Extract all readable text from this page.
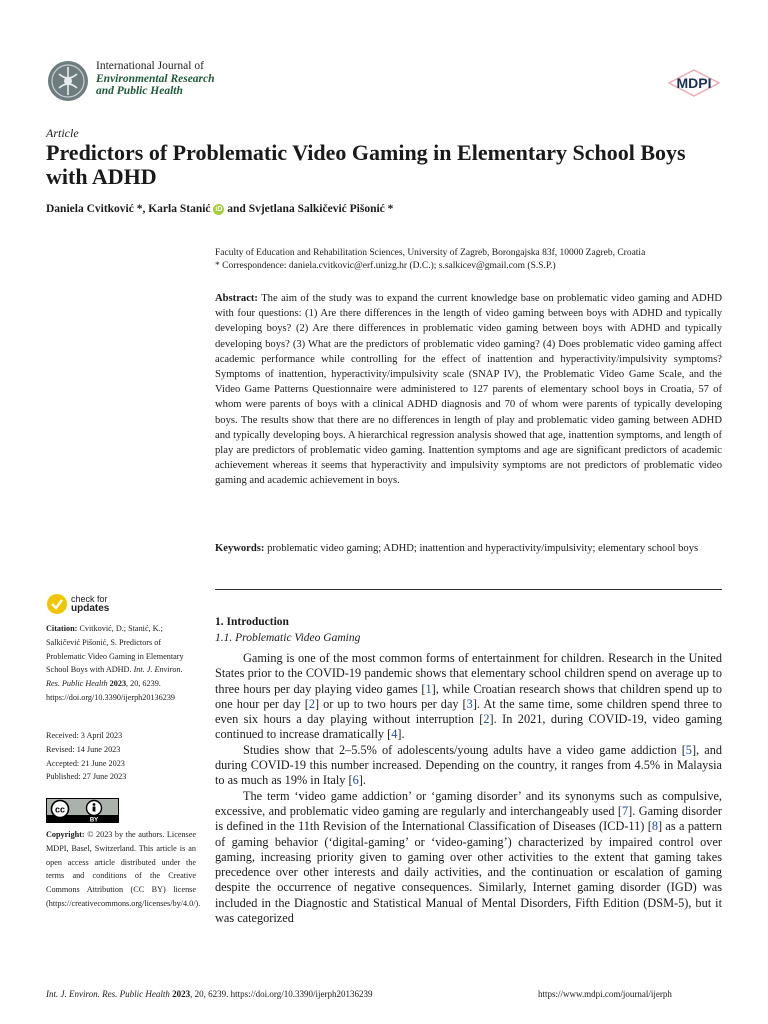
International Journal of
Environmental Research
and Public Health	MDPI
Article
Predictors of Problematic Video Gaming in Elementary School Boys with ADHD
Daniela Cvitković *, Karla Stanić iD and Svjetlana Salkičević Pišonić *
Faculty of Education and Rehabilitation Sciences, University of Zagreb, Borongajska 83f, 10000 Zagreb, Croatia
* Correspondence: daniela.cvitkovic@erf.unizg.hr (D.C.); s.salkicev@gmail.com (S.S.P.)
Abstract: The aim of the study was to expand the current knowledge base on problematic video gaming and ADHD with four questions: (1) Are there differences in the length of video gaming between boys with ADHD and typically developing boys? (2) Are there differences in problematic video gaming between boys with ADHD and typically developing boys? (3) What are the predictors of problematic video gaming? (4) Does problematic video gaming affect academic performance while controlling for the effect of inattention and hyperactivity/impulsivity symptoms? Symptoms of inattention, hyperactivity/impulsivity scale (SNAP IV), the Problematic Video Game Scale, and the Video Game Patterns Questionnaire were administered to 127 parents of elementary school boys in Croatia, 57 of whom were parents of boys with a clinical ADHD diagnosis and 70 of whom were parents of typically developing boys. The results show that there are no differences in length of play and problematic video gaming between ADHD and typically developing boys. A hierarchical regression analysis showed that age, inattention symptoms, and length of play are predictors of problematic video gaming. Inattention symptoms and age are significant predictors of academic achievement whereas it seems that hyperactivity and impulsivity symptoms are not predictors of problematic video gaming and academic achievement in boys.
Keywords: problematic video gaming; ADHD; inattention and hyperactivity/impulsivity; elementary school boys
check for
updates
Citation: Cvitković, D.; Stanić, K.; Salkičević Pišonić, S. Predictors of Problematic Video Gaming in Elementary School Boys with ADHD. Int. J. Environ. Res. Public Health 2023, 20, 6239. https://doi.org/10.3390/ijerph20136239
Received: 3 April 2023
Revised: 14 June 2023
Accepted: 21 June 2023
Published: 27 June 2023
cc
BY
Copyright: © 2023 by the authors. Licensee MDPI, Basel, Switzerland. This article is an open access article distributed under the terms and conditions of the Creative Commons Attribution (CC BY) license (https://creativecommons.org/licenses/by/4.0/).
1. Introduction
1.1. Problematic Video Gaming

Gaming is one of the most common forms of entertainment for children. Research in the United States prior to the COVID-19 pandemic shows that elementary school children spend on average up to three hours per day playing video games [1], while Croatian research shows that children spend up to one hour per day [2] or up to two hours per day [3]. At the same time, some children spend three to even six hours a day playing without interruption [2]. In 2021, during COVID-19, video gaming continued to increase dramatically [4].

Studies show that 2–5.5% of adolescents/young adults have a video game addiction [5], and during COVID-19 this number increased. Depending on the country, it ranges from 4.5% in Malaysia to as much as 19% in Italy [6].

The term ‘video game addiction’ or ‘gaming disorder’ and its synonyms such as compulsive, excessive, and problematic video gaming are regularly and interchangeably used [7]. Gaming disorder is defined in the 11th Revision of the International Classification of Diseases (ICD-11) [8] as a pattern of gaming behavior (‘digital-gaming’ or ‘video-gaming’) characterized by impaired control over gaming, increasing priority given to gaming over other activities to the extent that gaming takes precedence over other interests and daily activities, and the continuation or escalation of gaming despite the occurrence of negative consequences. Similarly, Internet gaming disorder (IGD) was included in the Diagnostic and Statistical Manual of Mental Disorders, Fifth Edition (DSM-5), but it was categorized

Int. J. Environ. Res. Public Health 2023, 20, 6239. https://doi.org/10.3390/ijerph20136239	https://www.mdpi.com/journal/ijerph
